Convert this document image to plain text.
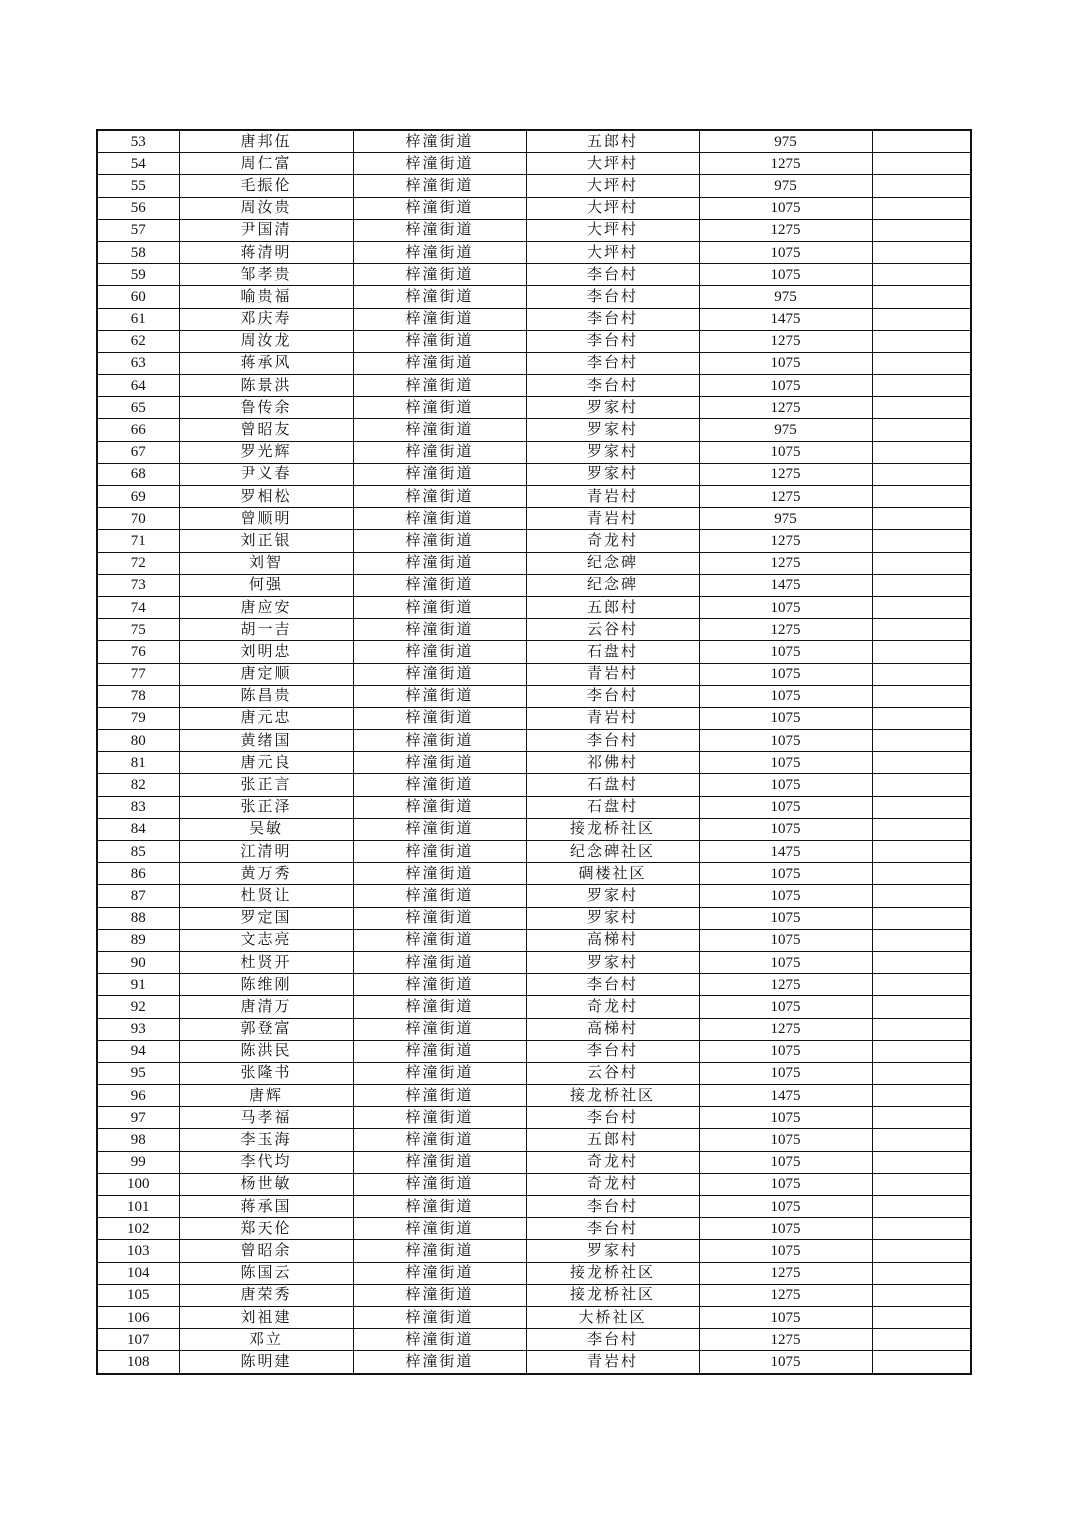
53	唐邦伍	梓潼街道	五郎村	975	
54	周仁富	梓潼街道	大坪村	1275	
55	毛振伦	梓潼街道	大坪村	975	
56	周汝贵	梓潼街道	大坪村	1075	
57	尹国清	梓潼街道	大坪村	1275	
58	蒋清明	梓潼街道	大坪村	1075	
59	邹孝贵	梓潼街道	李台村	1075	
60	喻贵福	梓潼街道	李台村	975	
61	邓庆寿	梓潼街道	李台村	1475	
62	周汝龙	梓潼街道	李台村	1275	
63	蒋承风	梓潼街道	李台村	1075	
64	陈景洪	梓潼街道	李台村	1075	
65	鲁传余	梓潼街道	罗家村	1275	
66	曾昭友	梓潼街道	罗家村	975	
67	罗光辉	梓潼街道	罗家村	1075	
68	尹义春	梓潼街道	罗家村	1275	
69	罗相松	梓潼街道	青岩村	1275	
70	曾顺明	梓潼街道	青岩村	975	
71	刘正银	梓潼街道	奇龙村	1275	
72	刘智	梓潼街道	纪念碑	1275	
73	何强	梓潼街道	纪念碑	1475	
74	唐应安	梓潼街道	五郎村	1075	
75	胡一吉	梓潼街道	云谷村	1275	
76	刘明忠	梓潼街道	石盘村	1075	
77	唐定顺	梓潼街道	青岩村	1075	
78	陈昌贵	梓潼街道	李台村	1075	
79	唐元忠	梓潼街道	青岩村	1075	
80	黄绪国	梓潼街道	李台村	1075	
81	唐元良	梓潼街道	祁佛村	1075	
82	张正言	梓潼街道	石盘村	1075	
83	张正泽	梓潼街道	石盘村	1075	
84	吴敏	梓潼街道	接龙桥社区	1075	
85	江清明	梓潼街道	纪念碑社区	1475	
86	黄万秀	梓潼街道	碉楼社区	1075	
87	杜贤让	梓潼街道	罗家村	1075	
88	罗定国	梓潼街道	罗家村	1075	
89	文志亮	梓潼街道	高梯村	1075	
90	杜贤开	梓潼街道	罗家村	1075	
91	陈维刚	梓潼街道	李台村	1275	
92	唐清万	梓潼街道	奇龙村	1075	
93	郭登富	梓潼街道	高梯村	1275	
94	陈洪民	梓潼街道	李台村	1075	
95	张隆书	梓潼街道	云谷村	1075	
96	唐辉	梓潼街道	接龙桥社区	1475	
97	马孝福	梓潼街道	李台村	1075	
98	李玉海	梓潼街道	五郎村	1075	
99	李代均	梓潼街道	奇龙村	1075	
100	杨世敏	梓潼街道	奇龙村	1075	
101	蒋承国	梓潼街道	李台村	1075	
102	郑天伦	梓潼街道	李台村	1075	
103	曾昭余	梓潼街道	罗家村	1075	
104	陈国云	梓潼街道	接龙桥社区	1275	
105	唐荣秀	梓潼街道	接龙桥社区	1275	
106	刘祖建	梓潼街道	大桥社区	1075	
107	邓立	梓潼街道	李台村	1275	
108	陈明建	梓潼街道	青岩村	1075	
